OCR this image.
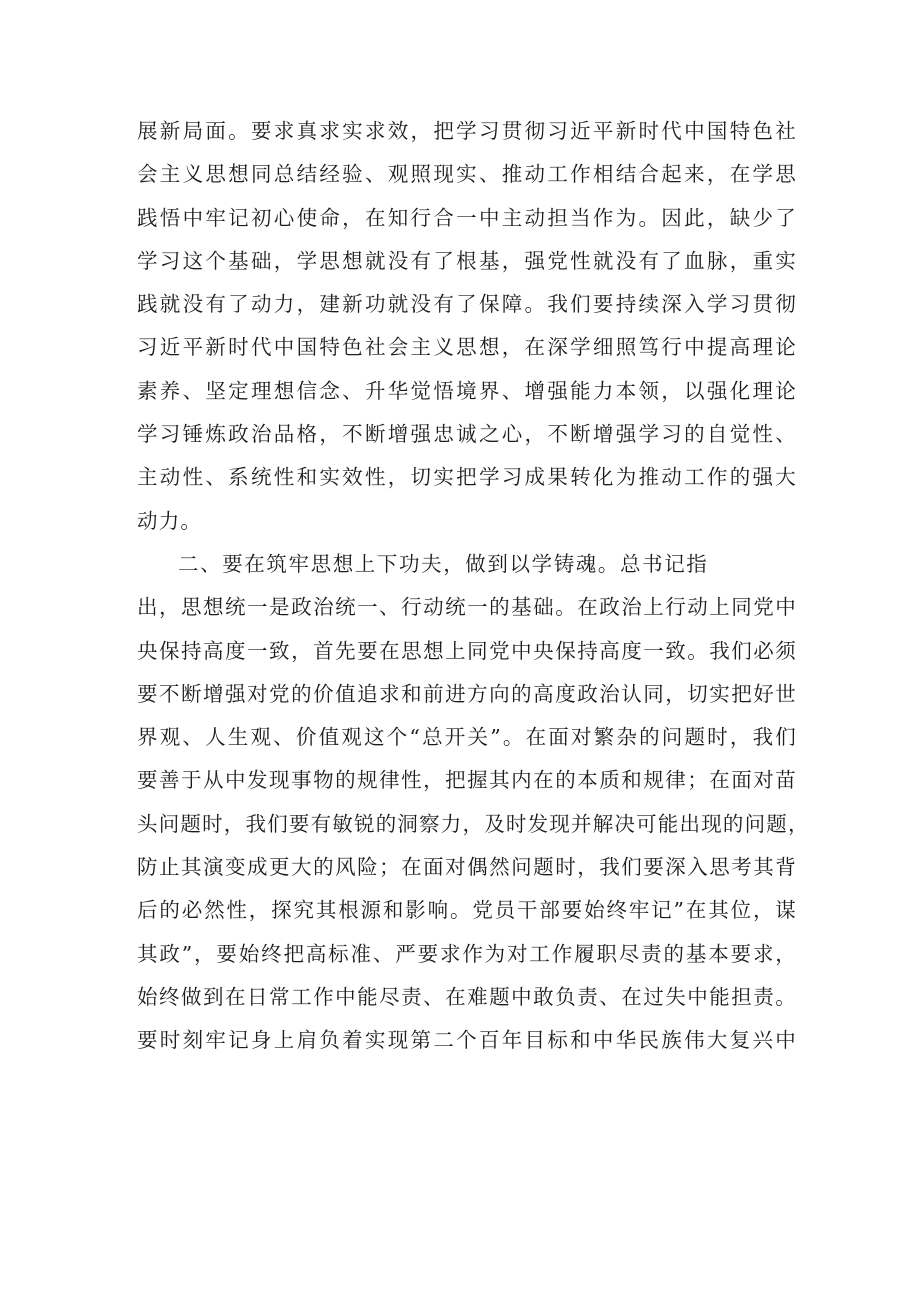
展新局面。要求真求实求效，把学习贯彻习近平新时代中国特色社
会主义思想同总结经验、观照现实、推动工作相结合起来，在学思
践悟中牢记初心使命，在知行合一中主动担当作为。因此，缺少了
学习这个基础，学思想就没有了根基，强党性就没有了血脉，重实
践就没有了动力，建新功就没有了保障。我们要持续深入学习贯彻
习近平新时代中国特色社会主义思想，在深学细照笃行中提高理论
素养、坚定理想信念、升华觉悟境界、增强能力本领，以强化理论
学习锤炼政治品格，不断增强忠诚之心，不断增强学习的自觉性、
主动性、系统性和实效性，切实把学习成果转化为推动工作的强大
动力。
二、要在筑牢思想上下功夫，做到以学铸魂。总书记指
出，思想统一是政治统一、行动统一的基础。在政治上行动上同党中
央保持高度一致，首先要在思想上同党中央保持高度一致。我们必须
要不断增强对党的价值追求和前进方向的高度政治认同，切实把好世
界观、人生观、价值观这个“总开关”。在面对繁杂的问题时，我们
要善于从中发现事物的规律性，把握其内在的本质和规律；在面对苗
头问题时，我们要有敏锐的洞察力，及时发现并解决可能出现的问题，
防止其演变成更大的风险；在面对偶然问题时，我们要深入思考其背
后的必然性，探究其根源和影响。党员干部要始终牢记”在其位，谋
其政”，要始终把高标准、严要求作为对工作履职尽责的基本要求，
始终做到在日常工作中能尽责、在难题中敢负责、在过失中能担责。
要时刻牢记身上肩负着实现第二个百年目标和中华民族伟大复兴中
